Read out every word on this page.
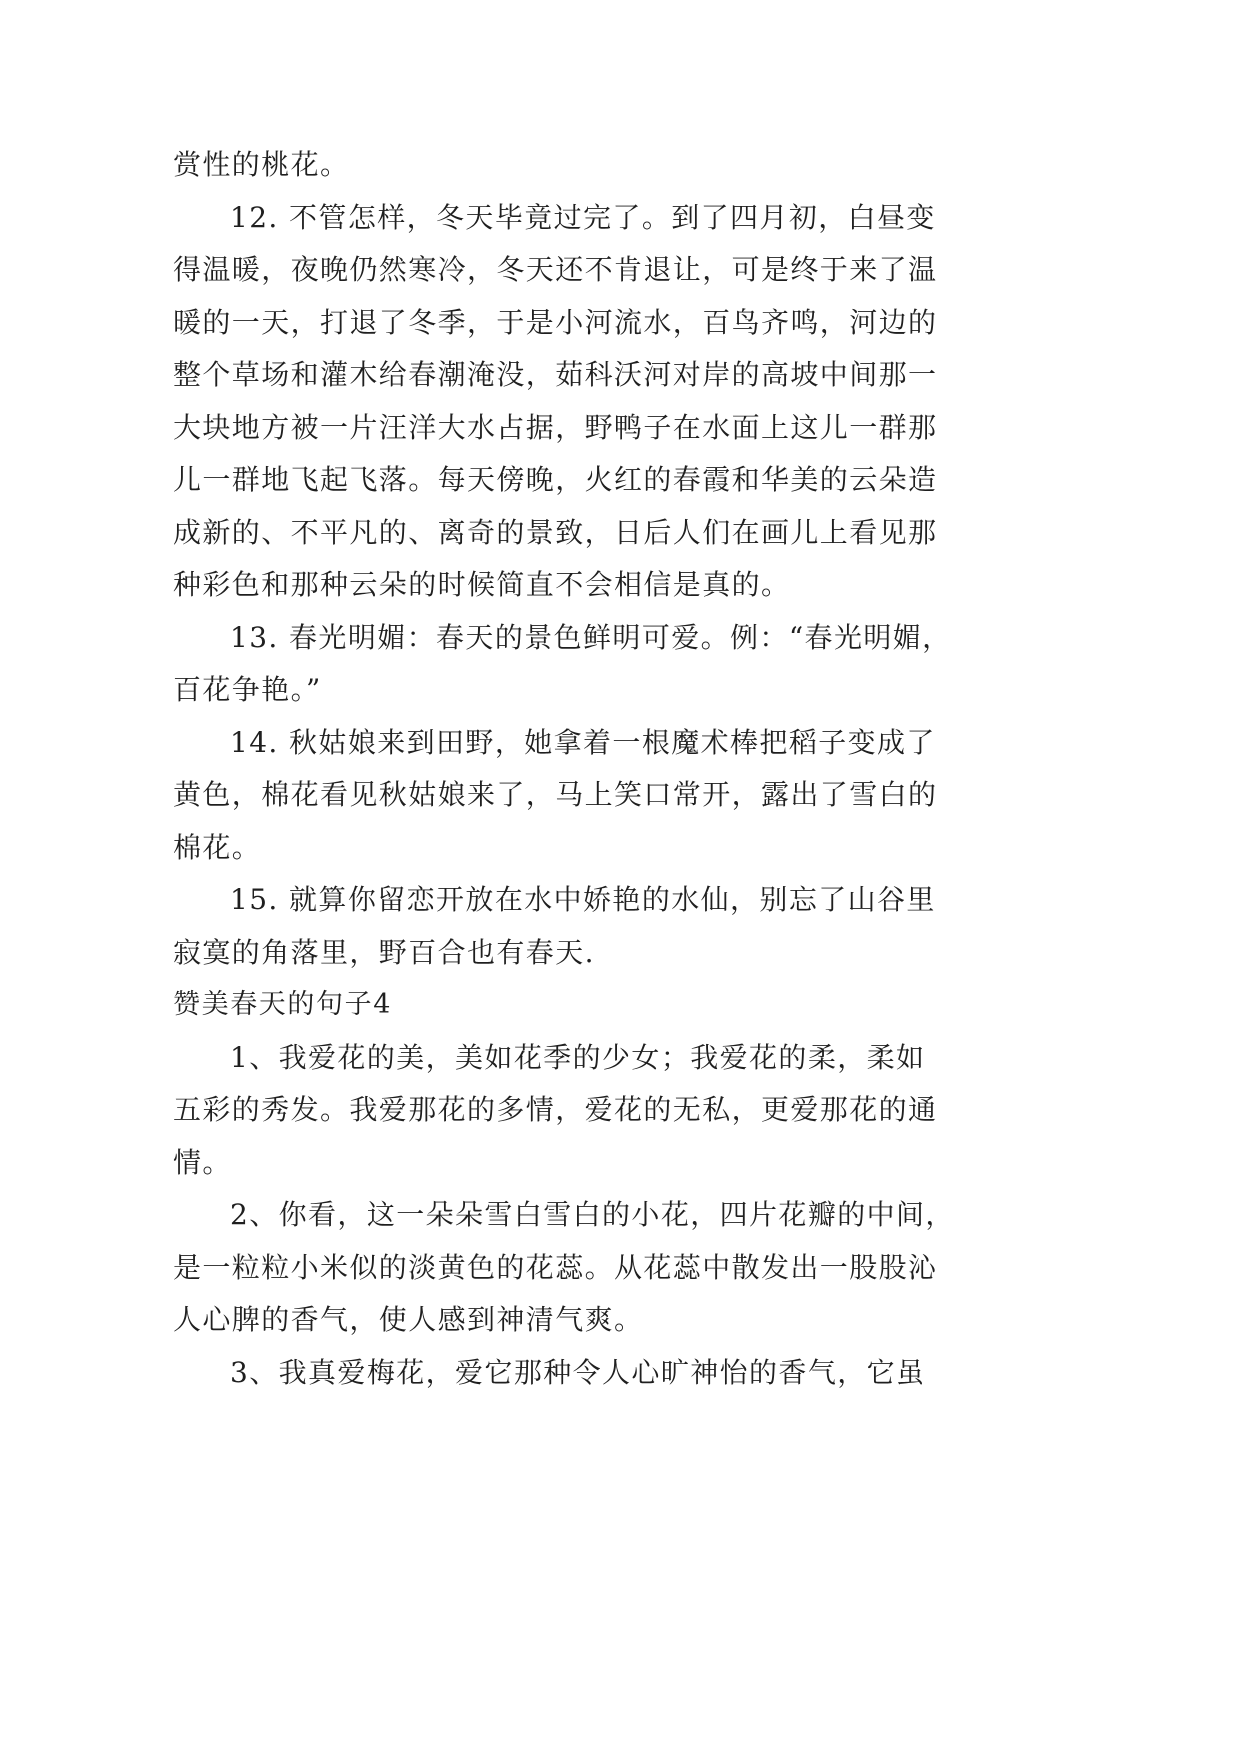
赏性的桃花。
12. 不管怎样，冬天毕竟过完了。到了四月初，白昼变
得温暖，夜晚仍然寒冷，冬天还不肯退让，可是终于来了温
暖的一天，打退了冬季，于是小河流水，百鸟齐鸣，河边的
整个草场和灌木给春潮淹没，茹科沃河对岸的高坡中间那一
大块地方被一片汪洋大水占据，野鸭子在水面上这儿一群那
儿一群地飞起飞落。每天傍晚，火红的春霞和华美的云朵造
成新的、不平凡的、离奇的景致，日后人们在画儿上看见那
种彩色和那种云朵的时候简直不会相信是真的。
13. 春光明媚：春天的景色鲜明可爱。例：“春光明媚，
百花争艳。”
14. 秋姑娘来到田野，她拿着一根魔术棒把稻子变成了
黄色，棉花看见秋姑娘来了，马上笑口常开，露出了雪白的
棉花。
15. 就算你留恋开放在水中娇艳的水仙，别忘了山谷里
寂寞的角落里，野百合也有春天.
赞美春天的句子4
1、我爱花的美，美如花季的少女；我爱花的柔，柔如
五彩的秀发。我爱那花的多情，爱花的无私，更爱那花的通
情。
2、你看，这一朵朵雪白雪白的小花，四片花瓣的中间，
是一粒粒小米似的淡黄色的花蕊。从花蕊中散发出一股股沁
人心脾的香气，使人感到神清气爽。
3、我真爱梅花，爱它那种令人心旷神怡的香气，它虽
